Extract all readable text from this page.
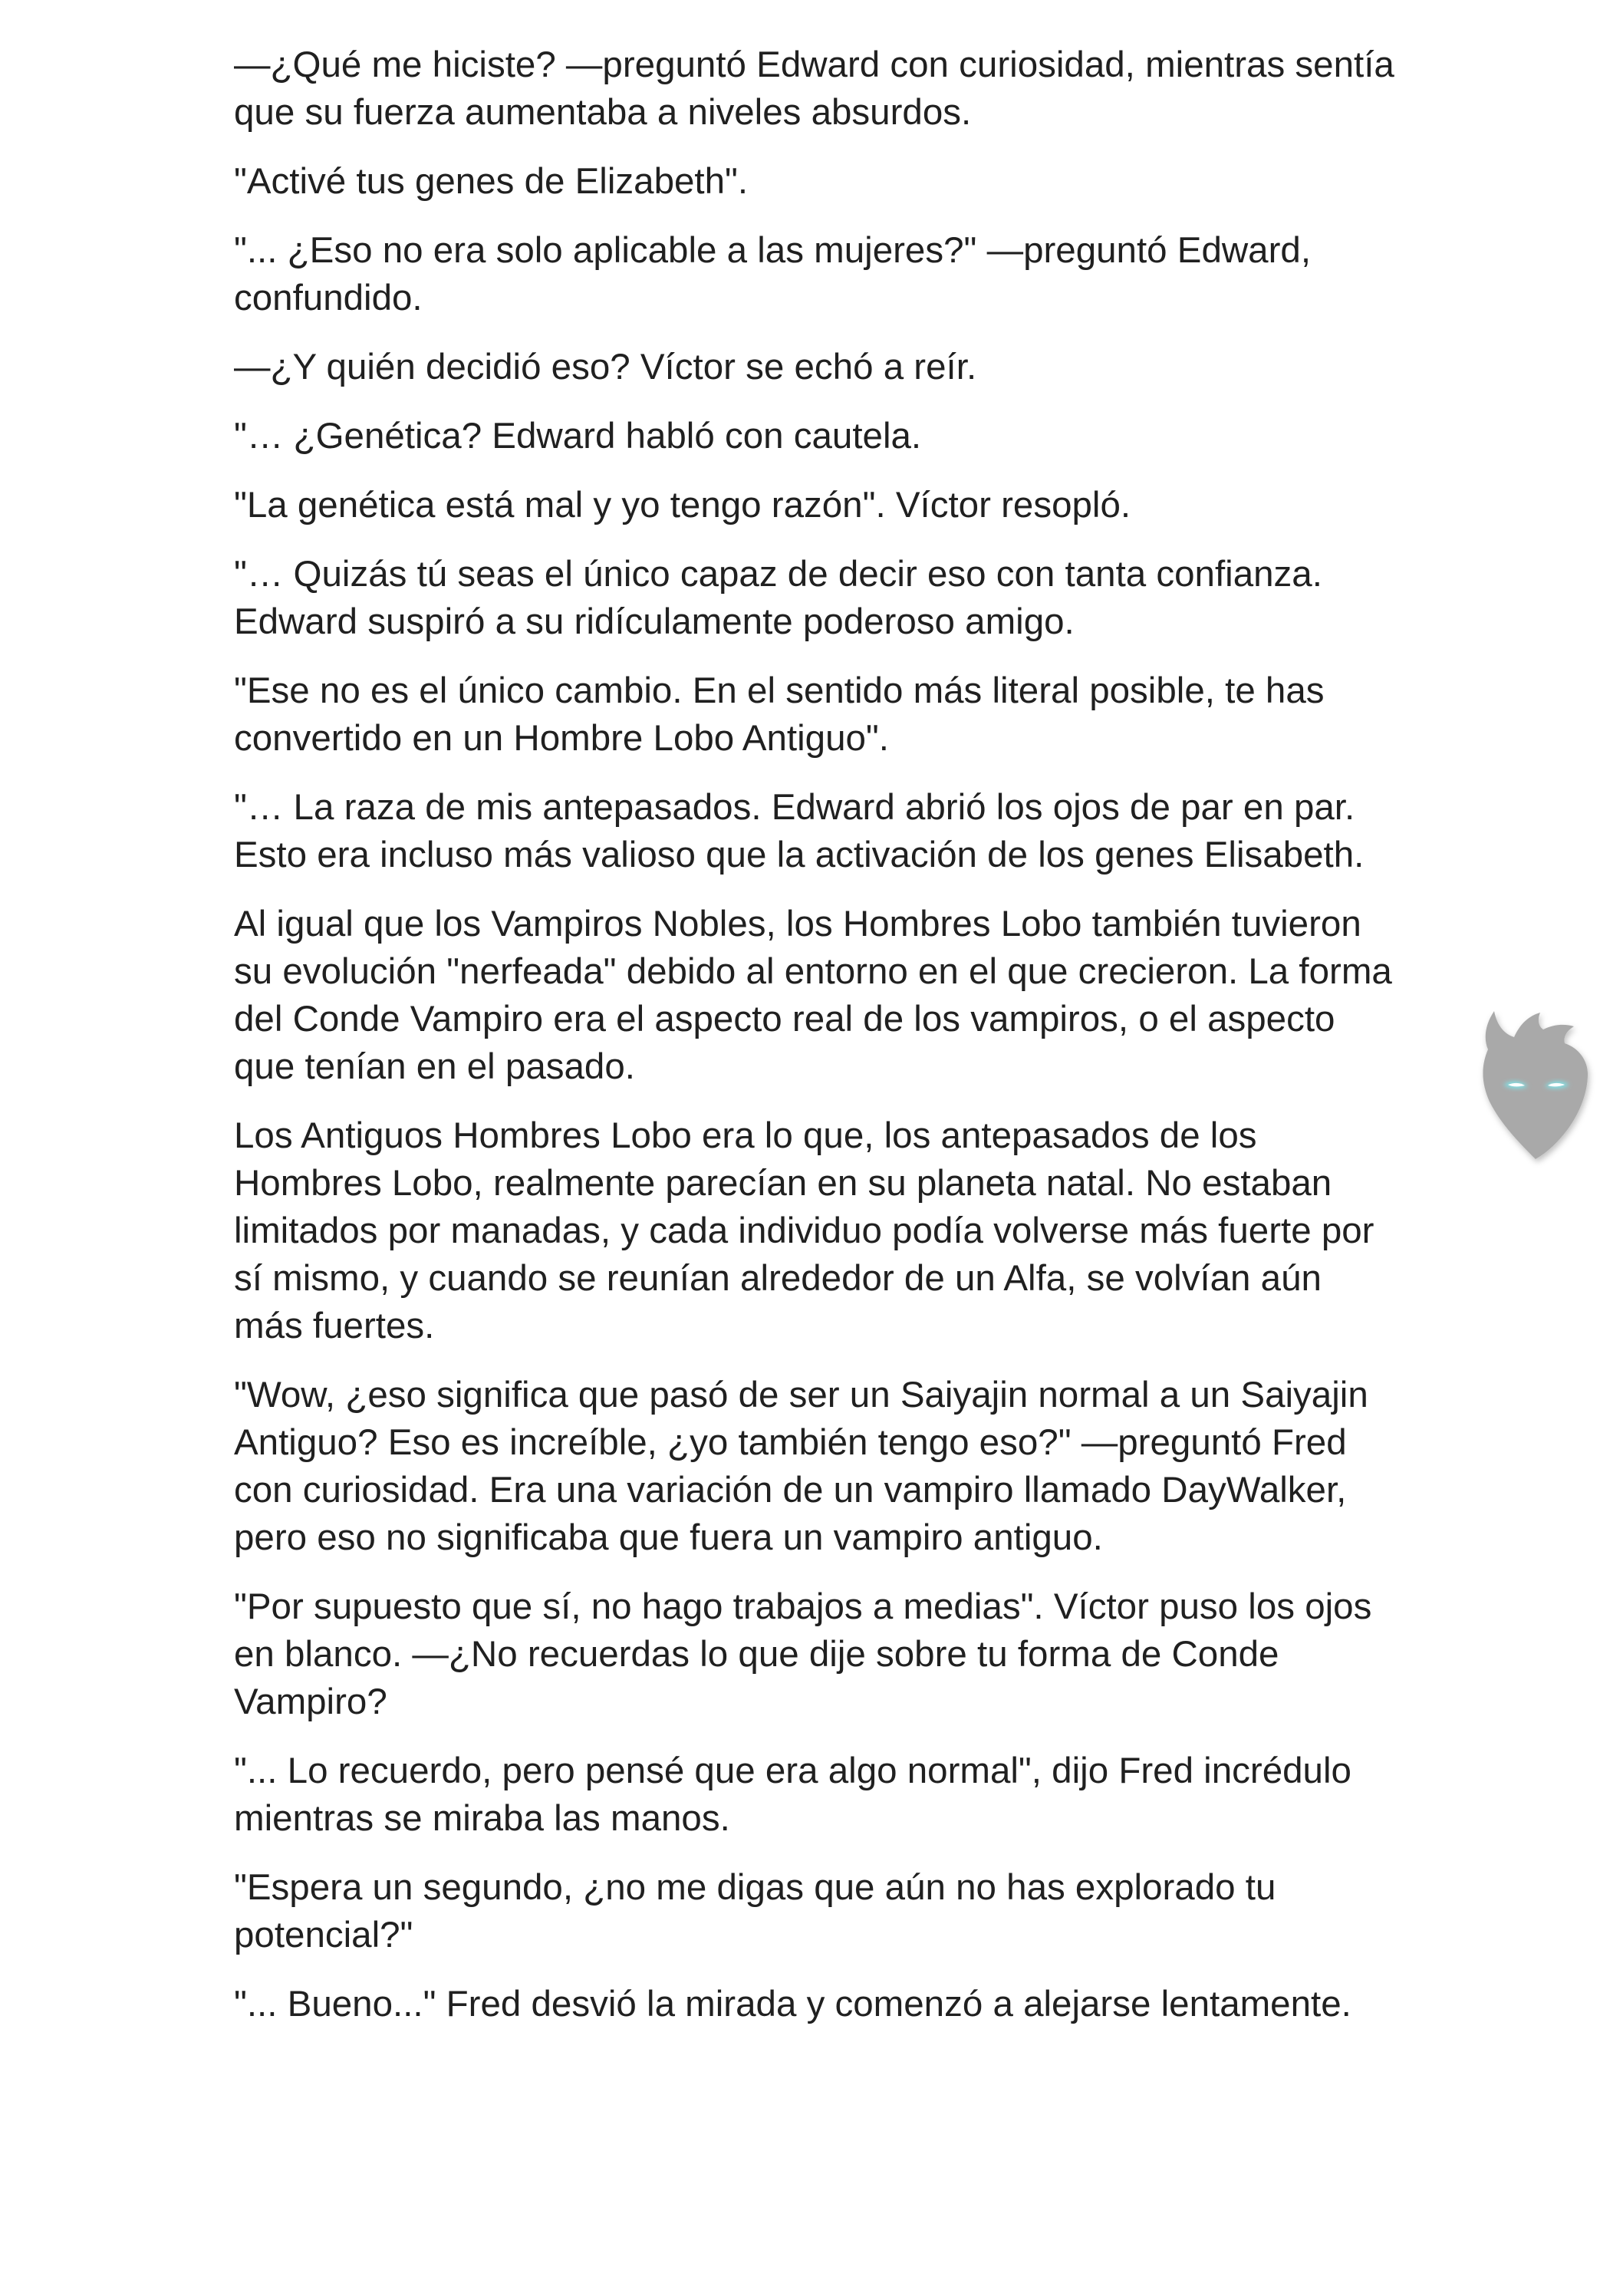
—¿Qué me hiciste? —preguntó Edward con curiosidad, mientras sentía que su fuerza aumentaba a niveles absurdos.

"Activé tus genes de Elizabeth".

"... ¿Eso no era solo aplicable a las mujeres?" —preguntó Edward, confundido.

—¿Y quién decidió eso? Víctor se echó a reír.

"… ¿Genética? Edward habló con cautela.

"La genética está mal y yo tengo razón". Víctor resopló.

"… Quizás tú seas el único capaz de decir eso con tanta confianza. Edward suspiró a su ridículamente poderoso amigo.

"Ese no es el único cambio. En el sentido más literal posible, te has convertido en un Hombre Lobo Antiguo".

"… La raza de mis antepasados. Edward abrió los ojos de par en par. Esto era incluso más valioso que la activación de los genes Elisabeth.

Al igual que los Vampiros Nobles, los Hombres Lobo también tuvieron su evolución "nerfeada" debido al entorno en el que crecieron. La forma del Conde Vampiro era el aspecto real de los vampiros, o el aspecto que tenían en el pasado.

Los Antiguos Hombres Lobo era lo que, los antepasados de los Hombres Lobo, realmente parecían en su planeta natal. No estaban limitados por manadas, y cada individuo podía volverse más fuerte por sí mismo, y cuando se reunían alrededor de un Alfa, se volvían aún más fuertes.

"Wow, ¿eso significa que pasó de ser un Saiyajin normal a un Saiyajin Antiguo? Eso es increíble, ¿yo también tengo eso?" —preguntó Fred con curiosidad. Era una variación de un vampiro llamado DayWalker, pero eso no significaba que fuera un vampiro antiguo.

"Por supuesto que sí, no hago trabajos a medias". Víctor puso los ojos en blanco. —¿No recuerdas lo que dije sobre tu forma de Conde Vampiro?

"... Lo recuerdo, pero pensé que era algo normal", dijo Fred incrédulo mientras se miraba las manos.

"Espera un segundo, ¿no me digas que aún no has explorado tu potencial?"

"... Bueno..." Fred desvió la mirada y comenzó a alejarse lentamente.
